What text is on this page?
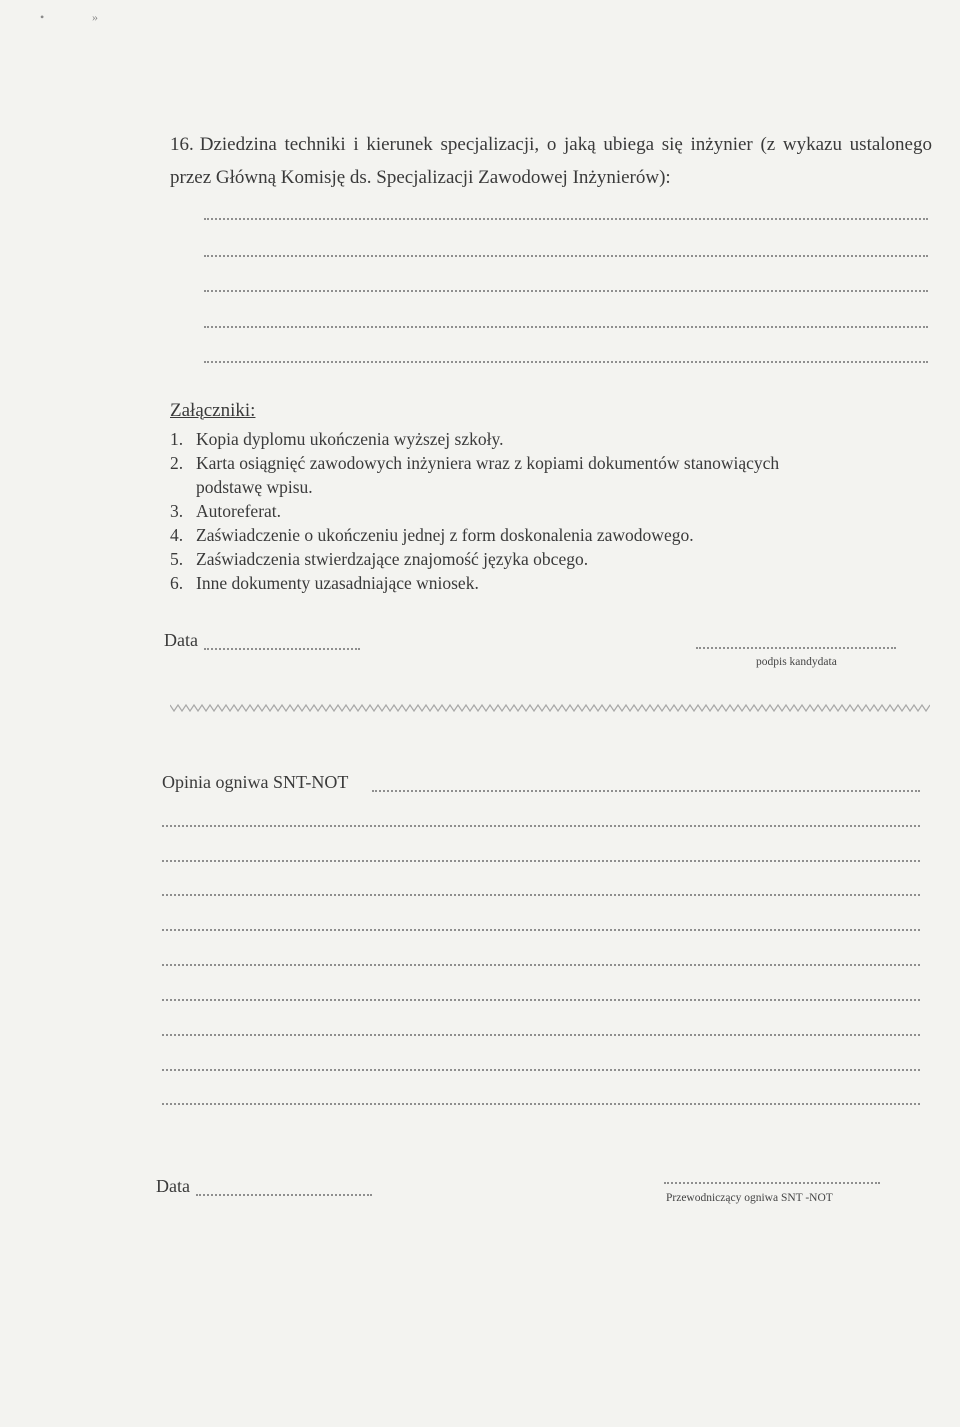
•	»
16. Dziedzina techniki i kierunek specjalizacji, o jaką ubiega się inżynier (z wykazu ustalonego przez Główną Komisję ds. Specjalizacji Zawodowej Inżynierów):
Załączniki:
1. Kopia dyplomu ukończenia wyższej szkoły.
2. Karta osiągnięć zawodowych inżyniera wraz z kopiami dokumentów stanowiących
podstawę wpisu.
3. Autoreferat.
4. Zaświadczenie o ukończeniu jednej z form doskonalenia zawodowego.
5. Zaświadczenia stwierdzające znajomość języka obcego.
6. Inne dokumenty uzasadniające wniosek.
Data
podpis kandydata
Opinia ogniwa SNT-NOT
Data
Przewodniczący ogniwa SNT -NOT
